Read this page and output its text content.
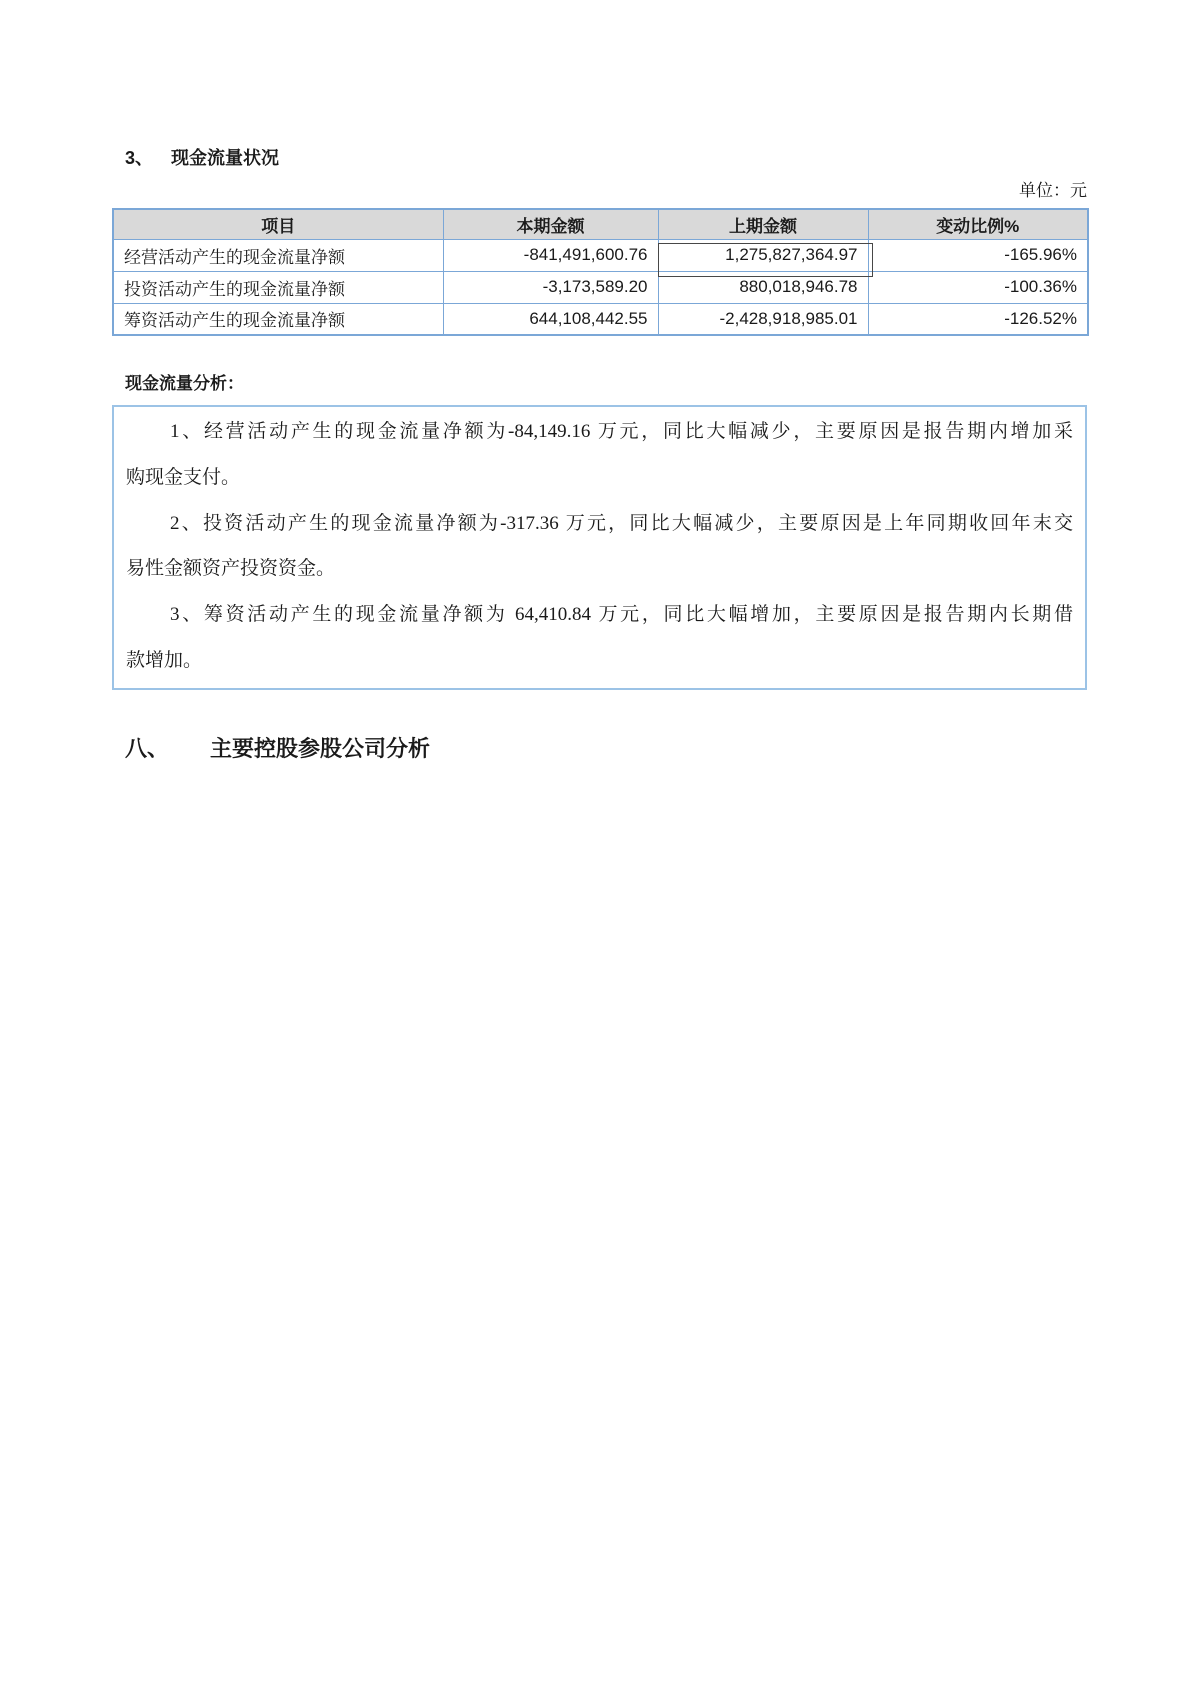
3、 现金流量状况
单位：元
项目	本期金额	上期金额	变动比例%
经营活动产生的现金流量净额	-841,491,600.76	1,275,827,364.97	-165.96%
投资活动产生的现金流量净额	-3,173,589.20	880,018,946.78	-100.36%
筹资活动产生的现金流量净额	644,108,442.55	-2,428,918,985.01	-126.52%
现金流量分析：
1、经营活动产生的现金流量净额为-84,149.16 万元，同比大幅减少，主要原因是报告期内增加采
购现金支付。
2、投资活动产生的现金流量净额为-317.36 万元，同比大幅减少，主要原因是上年同期收回年末交
易性金额资产投资资金。
3、筹资活动产生的现金流量净额为 64,410.84 万元，同比大幅增加，主要原因是报告期内长期借
款增加。
八、 主要控股参股公司分析
